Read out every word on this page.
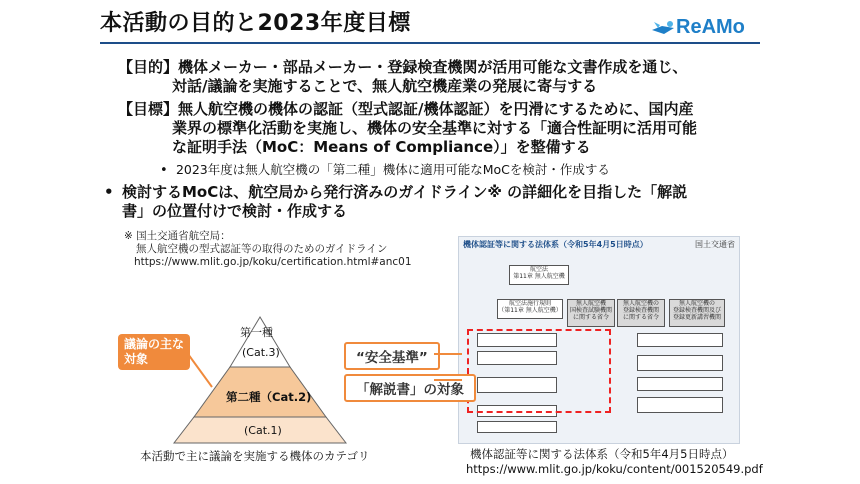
本活動の目的と2023年度目標	ReAMo
【目的】機体メーカー・部品メーカー・登録検査機関が活用可能な文書作成を通じ、
対話/議論を実施することで、無人航空機産業の発展に寄与する
【目標】無人航空機の機体の認証（型式認証/機体認証）を円滑にするために、国内産
業界の標準化活動を実施し、機体の安全基準に対する「適合性証明に活用可能
な証明手法（MoC：Means of Compliance）」を整備する
•  2023年度は無人航空機の「第二種」機体に適用可能なMoCを検討・作成する
• 検討するMoCは、航空局から発行済みのガイドライン※ の詳細化を目指した「解説
書」の位置付けで検討・作成する
※ 国土交通省航空局：
無人航空機の型式認証等の取得のためのガイドライン
https://www.mlit.go.jp/koku/certification.html#anc01
第一種
(Cat.3)
第二種（Cat.2)
(Cat.1)
議論の主な
対象
本活動で主に議論を実施する機体のカテゴリ
機体認証等に関する法体系（令和5年4月5日時点）	国土交通省
航空法
第11章 無人航空機
航空法施行規則
（第11章 無人航空機）
無人航空機
国検査試験機関
に関する省令
無人航空機の
登録検査機関
に関する省令
無人航空機の
登録検査機関及び
登録更新講習機関
“安全基準”
「解説書」の対象
機体認証等に関する法体系（令和5年4月5日時点）
https://www.mlit.go.jp/koku/content/001520549.pdf
